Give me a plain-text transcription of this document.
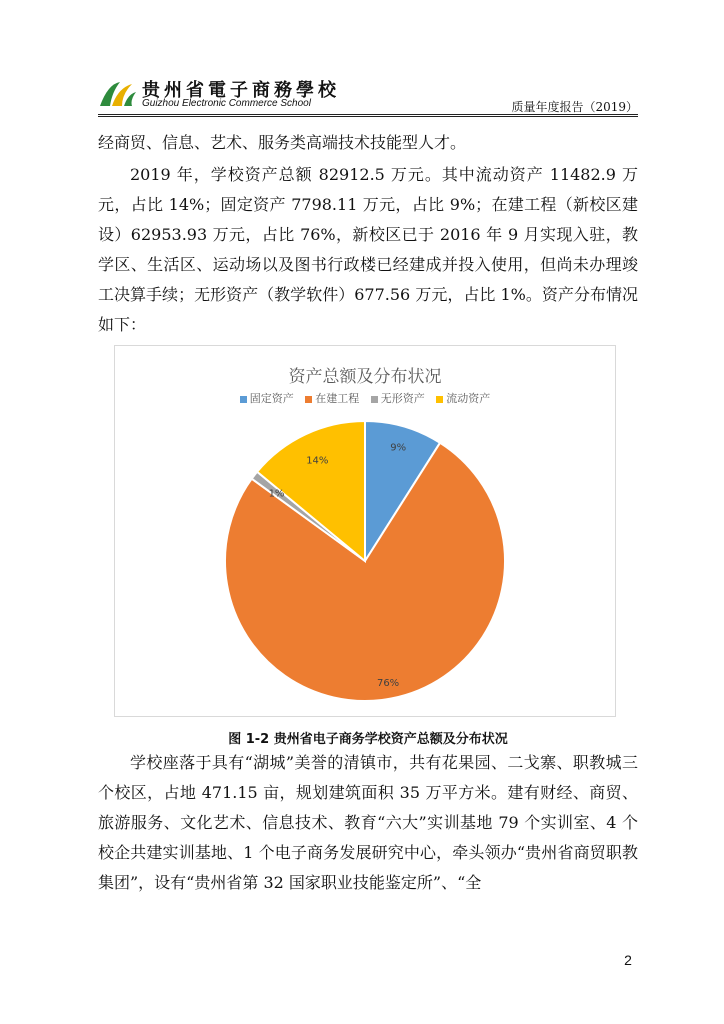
贵州省電子商務學校
Guizhou Electronic Commerce School	质量年度报告（2019）

经商贸、信息、艺术、服务类高端技术技能型人才。

2019 年，学校资产总额 82912.5 万元。其中流动资产 11482.9 万元，占比 14%；固定资产 7798.11 万元，占比 9%；在建工程（新校区建设）62953.93 万元，占比 76%，新校区已于 2016 年 9 月实现入驻，教学区、生活区、运动场以及图书行政楼已经建成并投入使用，但尚未办理竣工决算手续；无形资产（教学软件）677.56 万元，占比 1%。资产分布情况如下：

资产总额及分布状况
固定资产 在建工程 无形资产 流动资产
9%
76%
1%
14%
图 1-2 贵州省电子商务学校资产总额及分布状况

学校座落于具有“湖城”美誉的清镇市，共有花果园、二戈寨、职教城三个校区，占地 471.15 亩，规划建筑面积 35 万平方米。建有财经、商贸、旅游服务、文化艺术、信息技术、教育“六大”实训基地 79 个实训室、4 个校企共建实训基地、1 个电子商务发展研究中心，牵头领办“贵州省商贸职教集团”，设有“贵州省第 32 国家职业技能鉴定所”、“全

2
